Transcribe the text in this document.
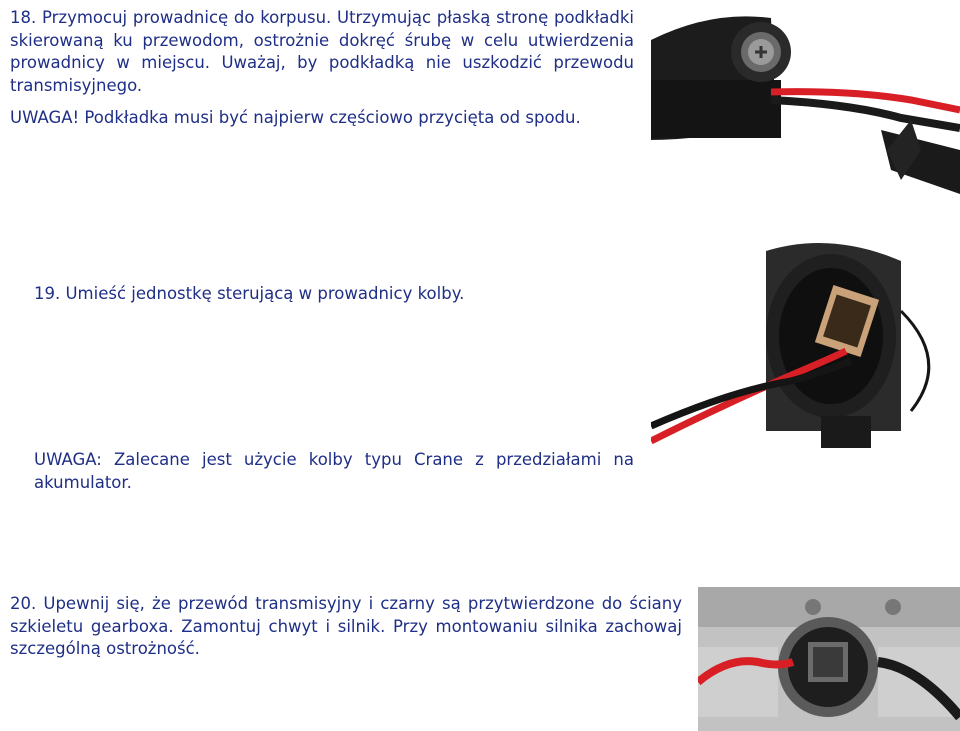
18. Przymocuj prowadnicę do korpusu. Utrzymując płaską stronę podkładki skierowaną ku przewodom, ostrożnie dokręć śrubę w celu utwierdzenia prowadnicy w miejscu. Uważaj, by podkładką nie uszkodzić przewodu transmisyjnego.

UWAGA! Podkładka musi być najpierw częściowo przycięta od spodu.

19. Umieść jednostkę sterującą w prowadnicy kolby.
UWAGA: Zalecane jest użycie kolby typu Crane z przedziałami na akumulator.
20. Upewnij się, że przewód transmisyjny i czarny są przytwierdzone do ściany szkieletu gearboxa. Zamontuj chwyt i silnik. Przy montowaniu silnika zachowaj szczególną ostrożność.
